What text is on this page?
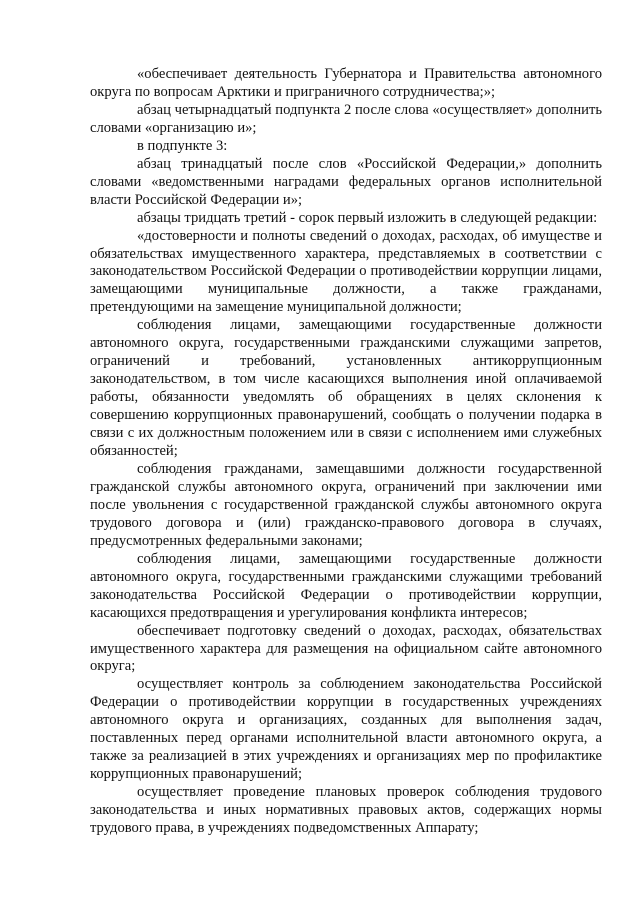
«обеспечивает деятельность Губернатора и Правительства автономного округа по вопросам Арктики и приграничного сотрудничества;»;

абзац четырнадцатый подпункта 2 после слова «осуществляет» дополнить словами «организацию и»;

в подпункте 3:

абзац тринадцатый после слов «Российской Федерации,» дополнить словами «ведомственными наградами федеральных органов исполнительной власти Российской Федерации и»;

абзацы тридцать третий - сорок первый изложить в следующей редакции:

«достоверности и полноты сведений о доходах, расходах, об имуществе и обязательствах имущественного характера, представляемых в соответствии с законодательством Российской Федерации о противодействии коррупции лицами, замещающими муниципальные должности, а также гражданами, претендующими на замещение муниципальной должности;

соблюдения лицами, замещающими государственные должности автономного округа, государственными гражданскими служащими запретов, ограничений и требований, установленных антикоррупционным законодательством, в том числе касающихся выполнения иной оплачиваемой работы, обязанности уведомлять об обращениях в целях склонения к совершению коррупционных правонарушений, сообщать о получении подарка в связи с их должностным положением или в связи с исполнением ими служебных обязанностей;

соблюдения гражданами, замещавшими должности государственной гражданской службы автономного округа, ограничений при заключении ими после увольнения с государственной гражданской службы автономного округа трудового договора и (или) гражданско-правового договора в случаях, предусмотренных федеральными законами;

соблюдения лицами, замещающими государственные должности автономного округа, государственными гражданскими служащими требований законодательства Российской Федерации о противодействии коррупции, касающихся предотвращения и урегулирования конфликта интересов;

обеспечивает подготовку сведений о доходах, расходах, обязательствах имущественного характера для размещения на официальном сайте автономного округа;

осуществляет контроль за соблюдением законодательства Российской Федерации о противодействии коррупции в государственных учреждениях автономного округа и организациях, созданных для выполнения задач, поставленных перед органами исполнительной власти автономного округа, а также за реализацией в этих учреждениях и организациях мер по профилактике коррупционных правонарушений;

осуществляет проведение плановых проверок соблюдения трудового законодательства и иных нормативных правовых актов, содержащих нормы трудового права, в учреждениях подведомственных Аппарату;
